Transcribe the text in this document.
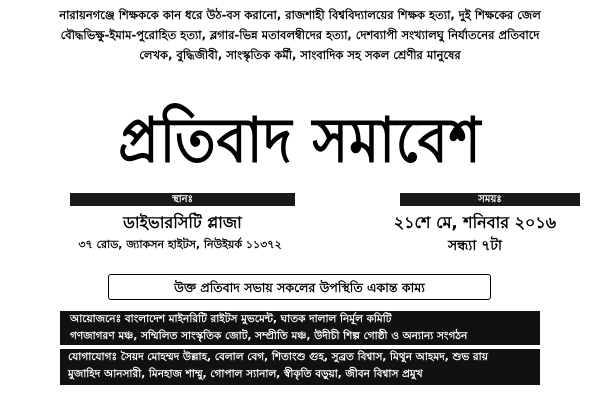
নারায়নগঞ্জে শিক্ষককে কান ধরে উঠ-বস করানো, রাজশাহী বিশ্ববিদ্যালয়ের শিক্ষক হত্যা, দুই শিক্ষকের জেল
বৌদ্ধভিক্ষু-ইমাম-পুরোহিত হত্যা, ব্লগার-ভিন্ন মতাবলম্বীদের হত্যা, দেশব্যাপী সংখ্যালঘু নির্যাতনের প্রতিবাদে
লেখক, বুদ্ধিজীবী, সাংস্কৃতিক কর্মী, সাংবাদিক সহ সকল শ্রেণীর মানুষের
প্রতিবাদ সমাবেশ
স্থানঃ	সময়ঃ
ডাইভারসিটি প্লাজা
৩৭ রোড, জ্যাকসন হাইটস, নিউইয়র্ক ১১৩৭২
২১শে মে, শনিবার ২০১৬
সন্ধ্যা ৭টা
উক্ত প্রতিবাদ সভায় সকলের উপস্থিতি একান্ত কাম্য
আয়োজনেঃ বাংলাদেশ মাইনরিটি রাইটস মুভমেন্ট, ঘাতক দালাল নির্মূল কমিটি
গণজাগরণ মঞ্চ, সম্মিলিত সাংস্কৃতিক জোট, সম্প্রীতি মঞ্চ, উদীচী শিল্প গোষ্ঠী ও অন্যান্য সংগঠন
যোগাযোগঃ সৈয়দ মোহম্মদ উল্লাহ, বেলাল বেগ, শিতাংশু গুহ, সুব্রত বিশ্বাস, মিথুন আহমদ, শুভ রায়
মুজাহিদ আনসারী, মিনহাজ শাম্মু, গোপাল স্যানাল, স্বীকৃতি বড়ুয়া, জীবন বিশ্বাস প্রমুখ
